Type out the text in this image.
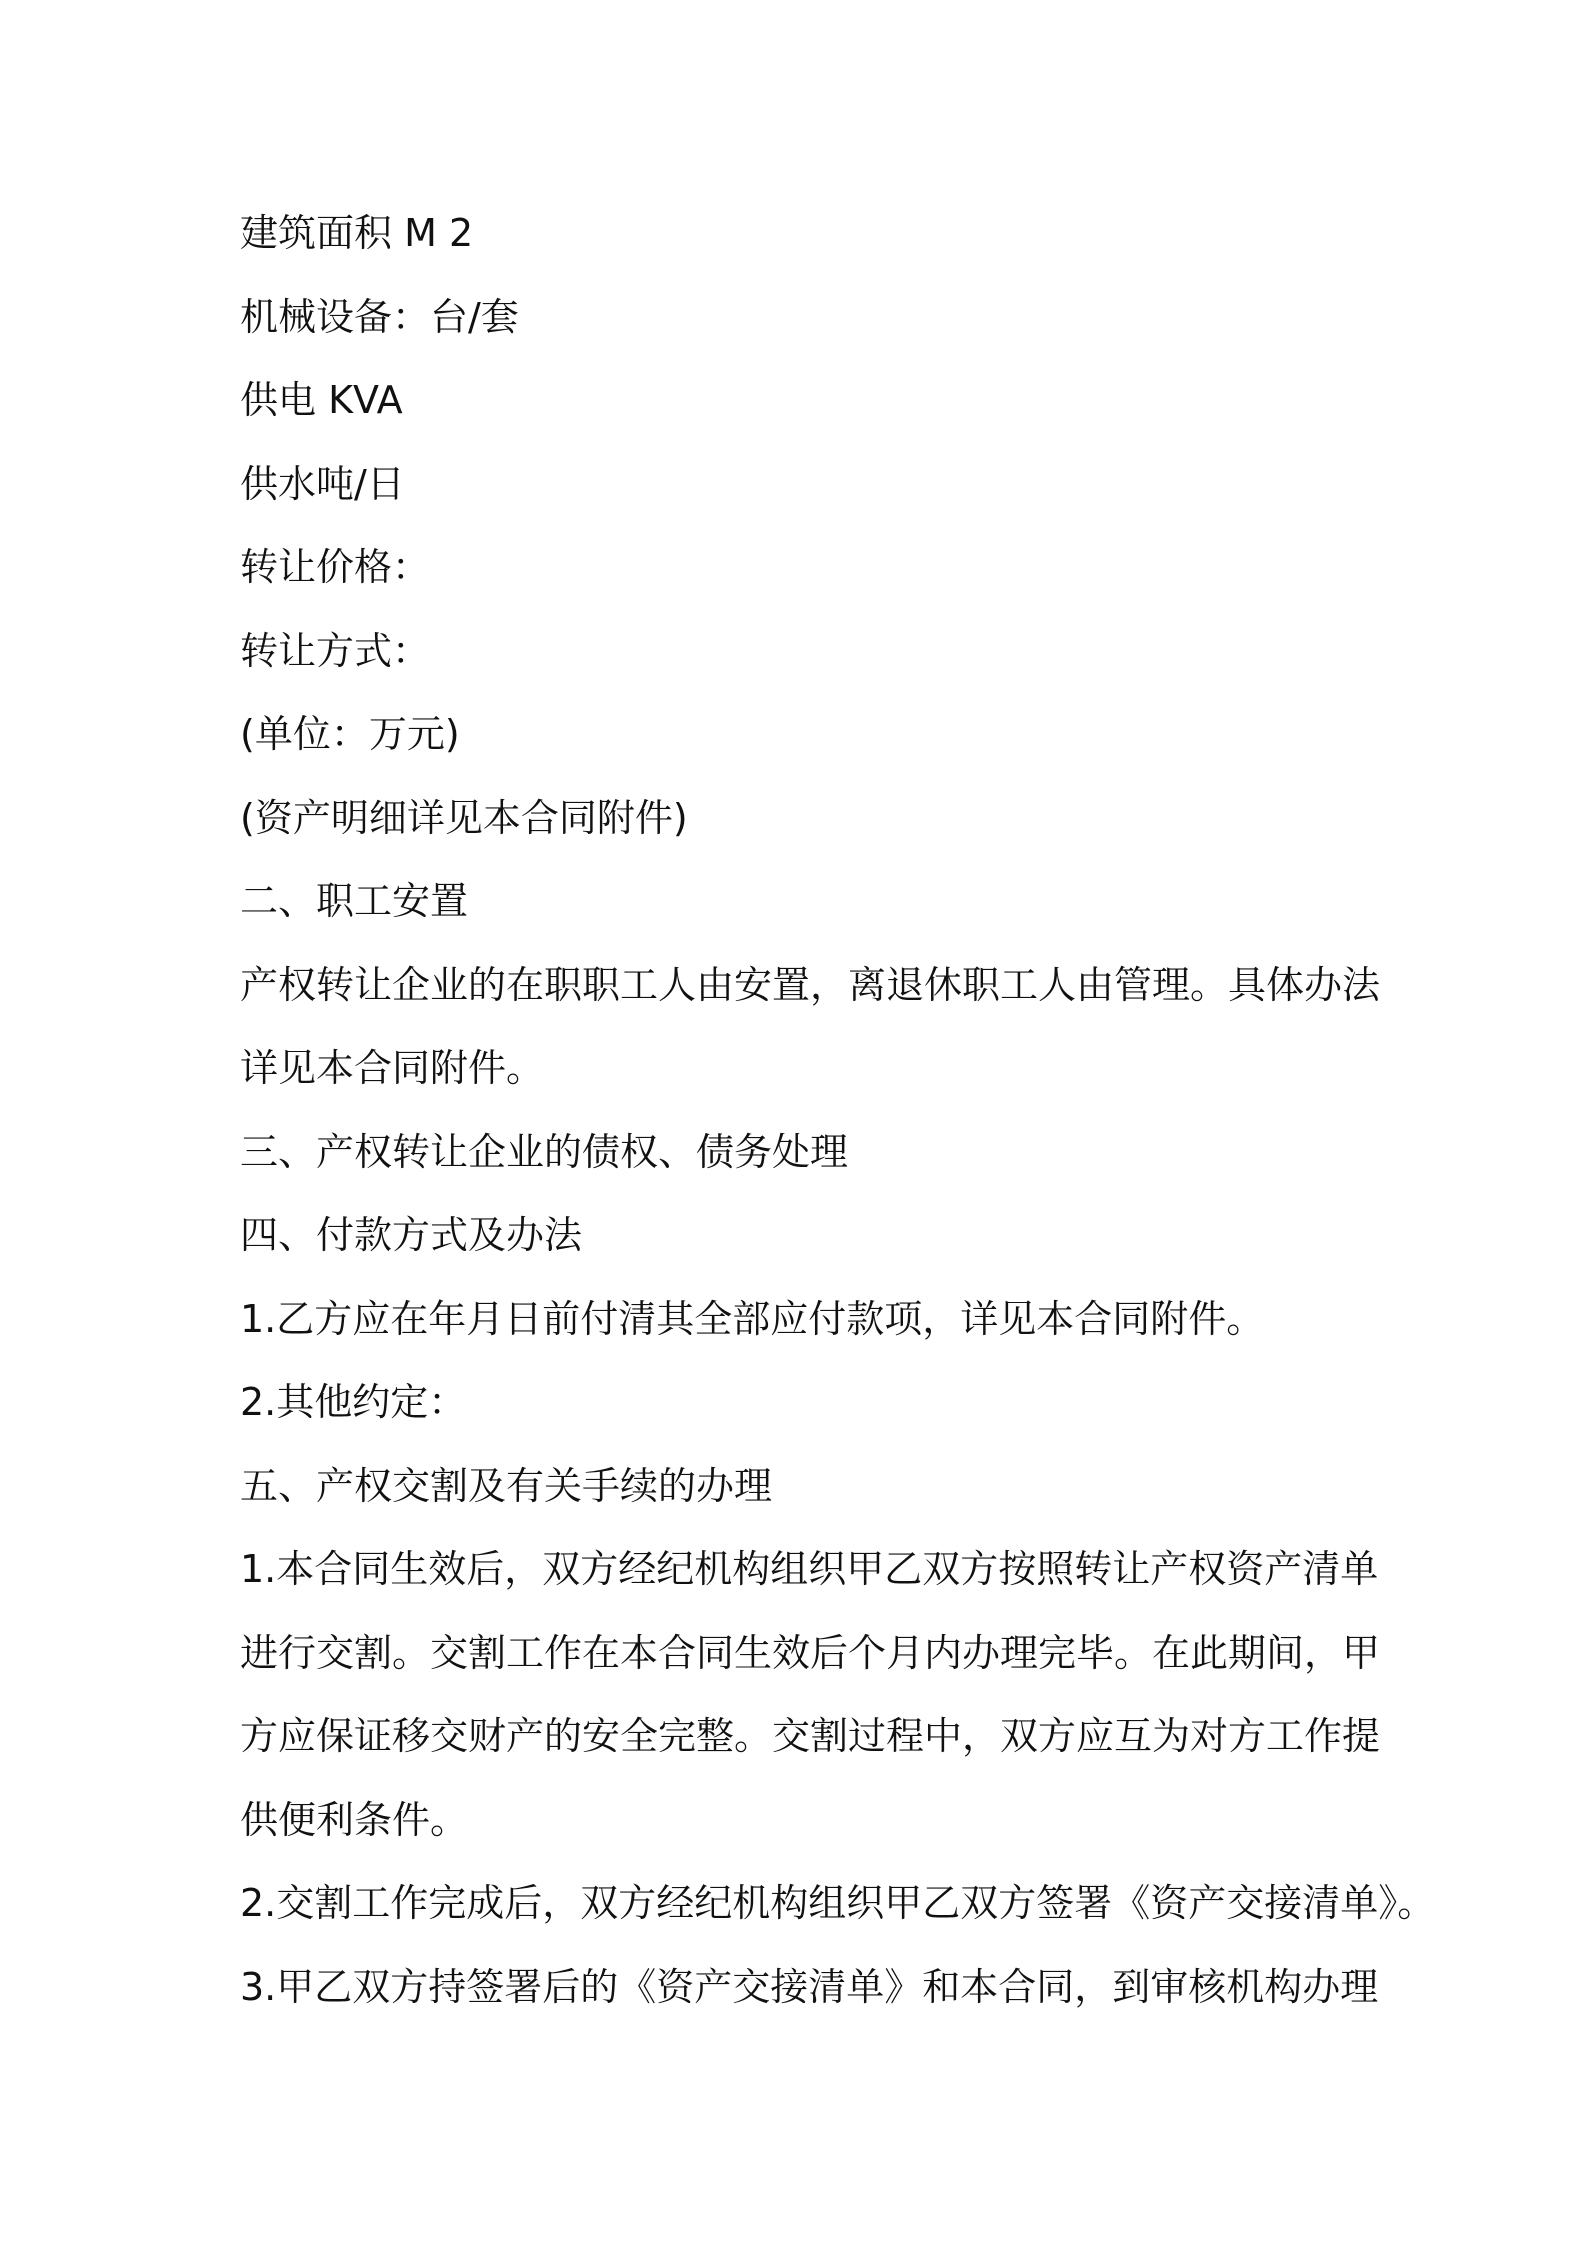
建筑面积 M 2
机械设备：台/套
供电 KVA
供水吨/日
转让价格：
转让方式：
(单位：万元)
(资产明细详见本合同附件)
二、职工安置
产权转让企业的在职职工人由安置，离退休职工人由管理。具体办法
详见本合同附件。
三、产权转让企业的债权、债务处理
四、付款方式及办法
1.乙方应在年月日前付清其全部应付款项，详见本合同附件。
2.其他约定：
五、产权交割及有关手续的办理
1.本合同生效后，双方经纪机构组织甲乙双方按照转让产权资产清单
进行交割。交割工作在本合同生效后个月内办理完毕。在此期间，甲
方应保证移交财产的安全完整。交割过程中，双方应互为对方工作提
供便利条件。
2.交割工作完成后，双方经纪机构组织甲乙双方签署《资产交接清单》。
3.甲乙双方持签署后的《资产交接清单》和本合同，到审核机构办理
